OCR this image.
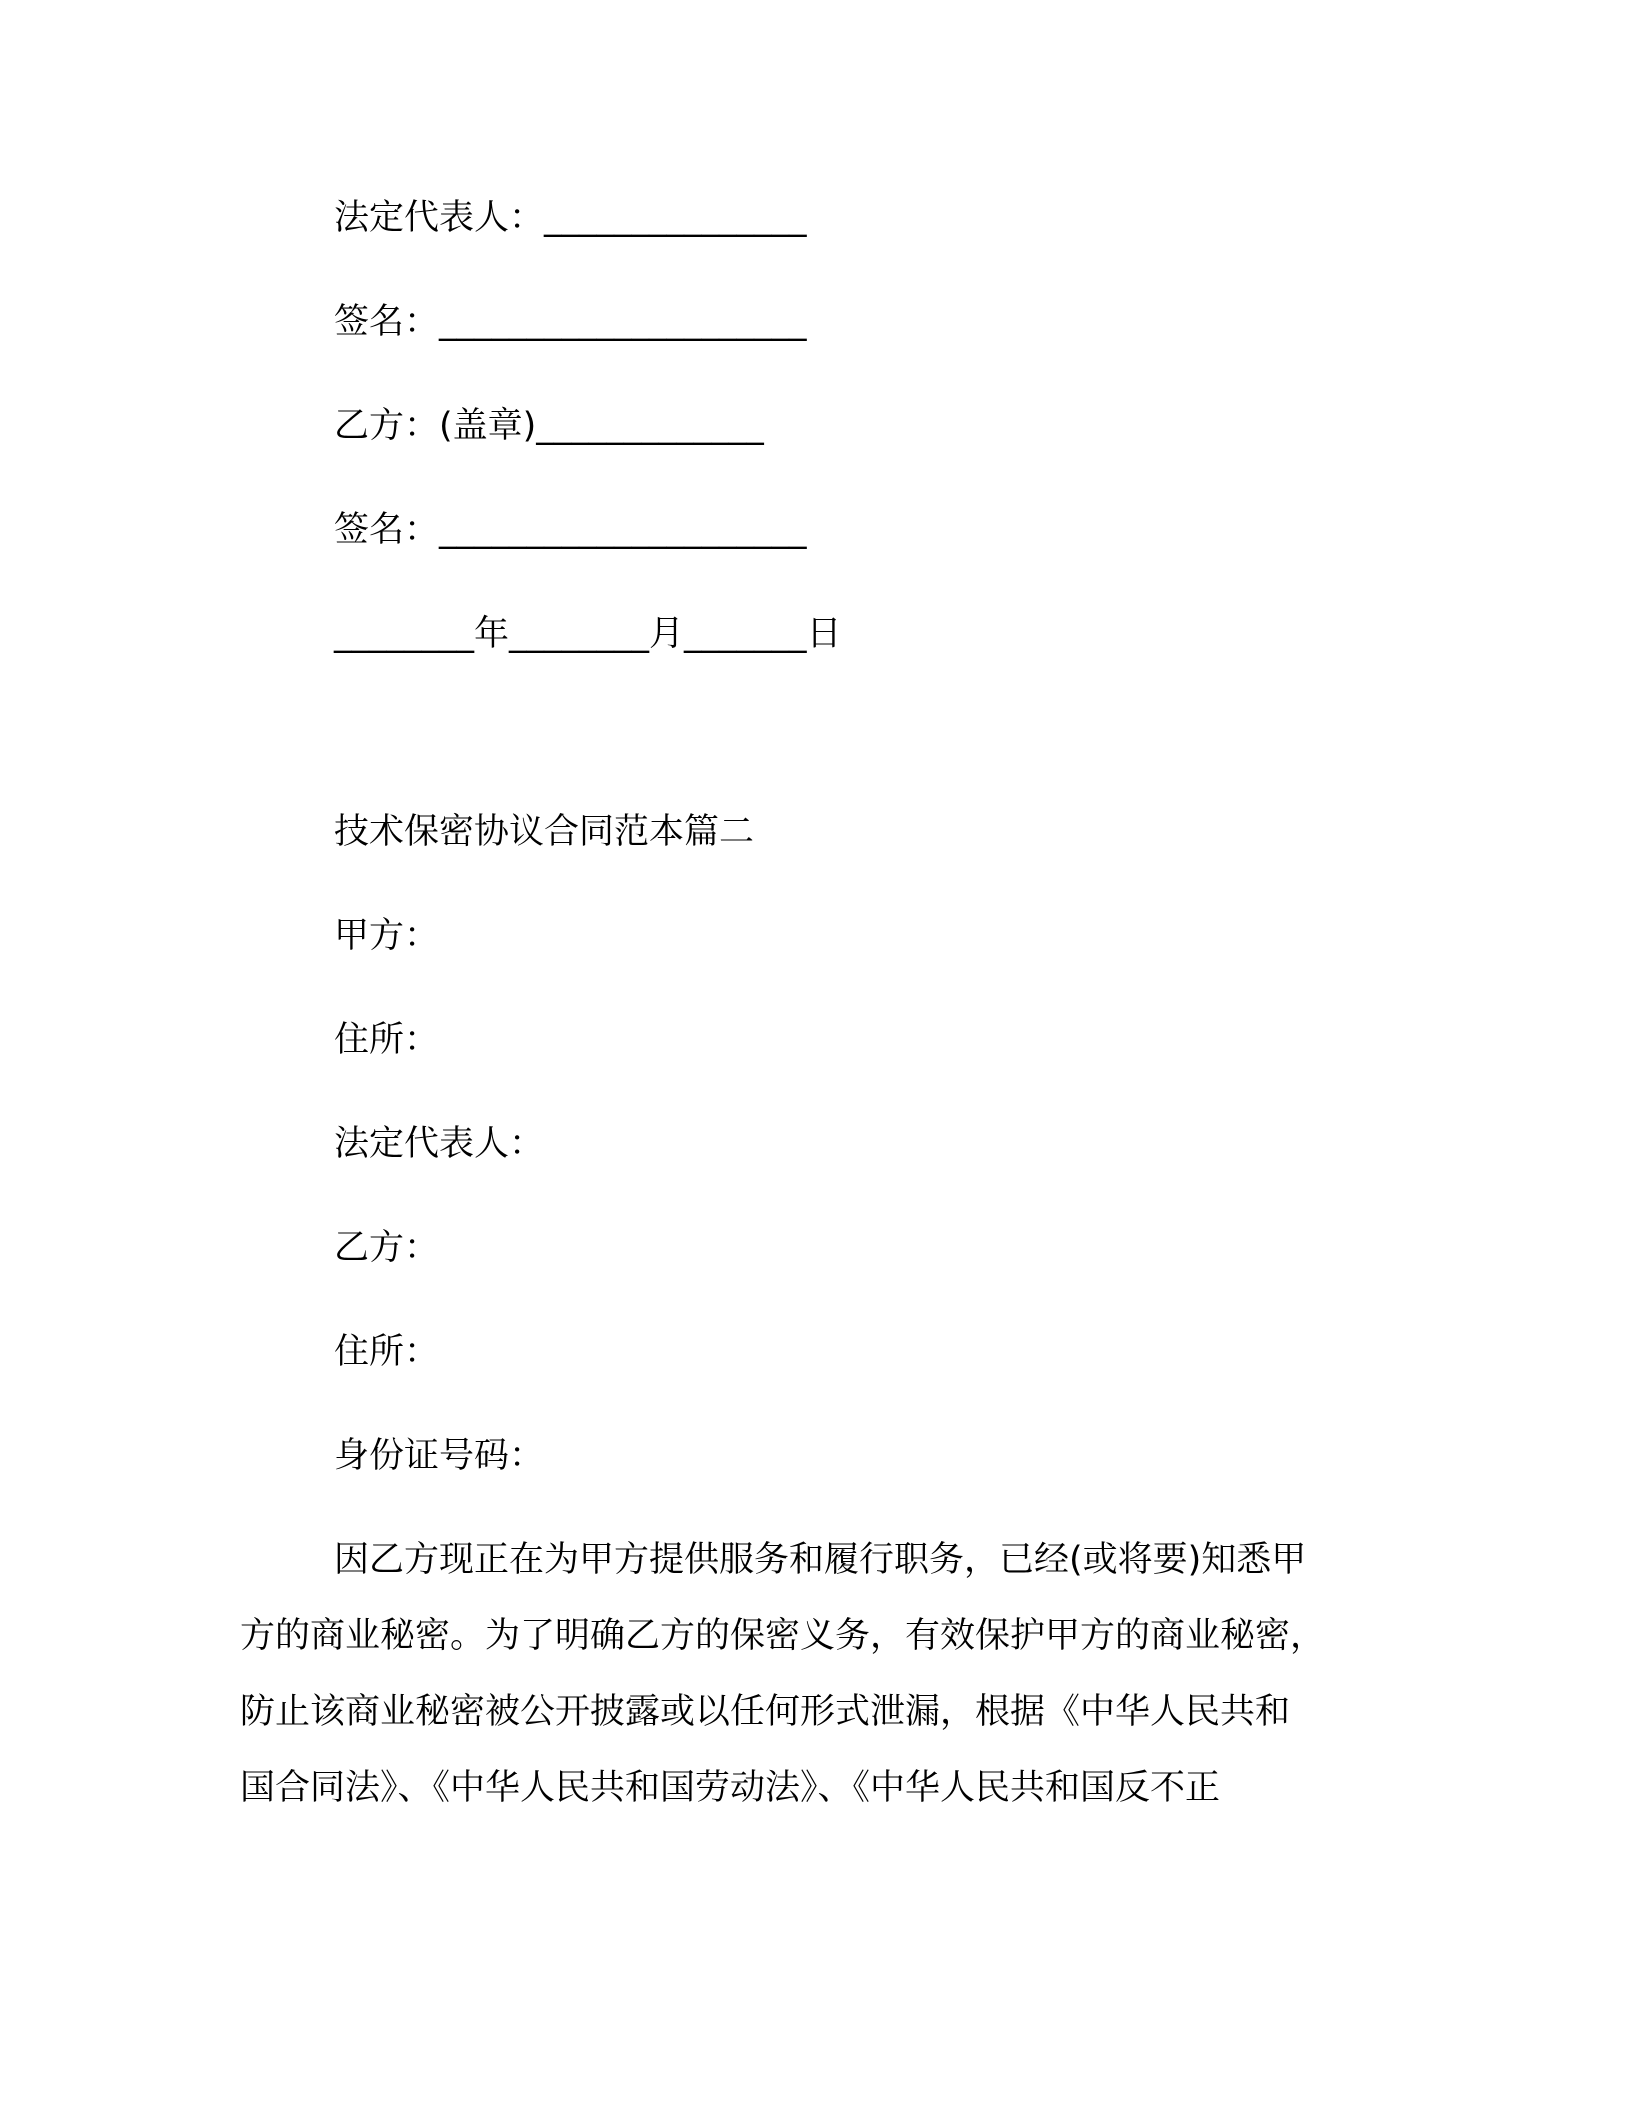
法定代表人：_______________
签名：_____________________
乙方：(盖章)_____________
签名：_____________________
________年________月_______日
技术保密协议合同范本篇二
甲方：
住所：
法定代表人：
乙方：
住所：
身份证号码：
因乙方现正在为甲方提供服务和履行职务，已经(或将要)知悉甲
方的商业秘密。为了明确乙方的保密义务，有效保护甲方的商业秘密，
防止该商业秘密被公开披露或以任何形式泄漏，根据《中华人民共和
国合同法》、《中华人民共和国劳动法》、《中华人民共和国反不正
